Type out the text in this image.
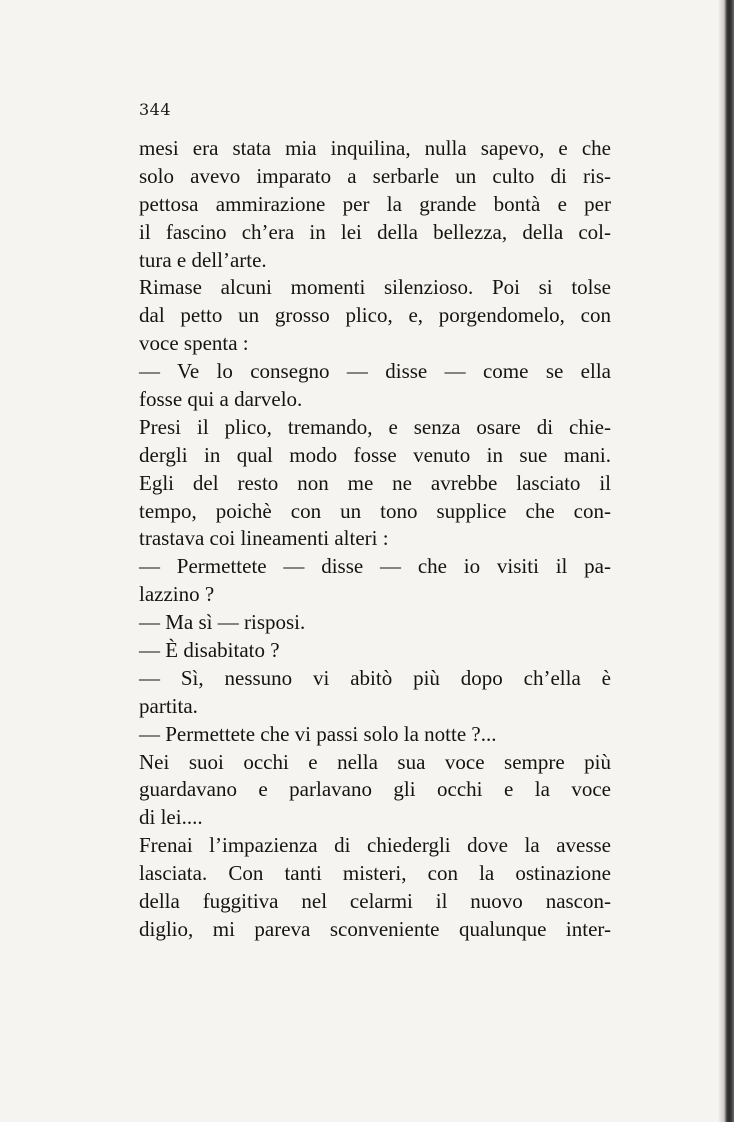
344
mesi era stata mia inquilina, nulla sapevo, e che
solo avevo imparato a serbarle un culto di ris-
pettosa ammirazione per la grande bontà e per
il fascino ch’era in lei della bellezza, della col-
tura e dell’arte.
Rimase alcuni momenti silenzioso. Poi si tolse
dal petto un grosso plico, e, porgendomelo, con
voce spenta :
— Ve lo consegno — disse — come se ella
fosse qui a darvelo.
Presi il plico, tremando, e senza osare di chie-
dergli in qual modo fosse venuto in sue mani.
Egli del resto non me ne avrebbe lasciato il
tempo, poichè con un tono supplice che con-
trastava coi lineamenti alteri :
— Permettete — disse — che io visiti il pa-
lazzino ?
— Ma sì — risposi.
— È disabitato ?
— Sì, nessuno vi abitò più dopo ch’ella è
partita.
— Permettete che vi passi solo la notte ?...
Nei suoi occhi e nella sua voce sempre più
guardavano e parlavano gli occhi e la voce
di lei....
Frenai l’impazienza di chiedergli dove la avesse
lasciata. Con tanti misteri, con la ostinazione
della fuggitiva nel celarmi il nuovo nascon-
diglio, mi pareva sconveniente qualunque inter-
